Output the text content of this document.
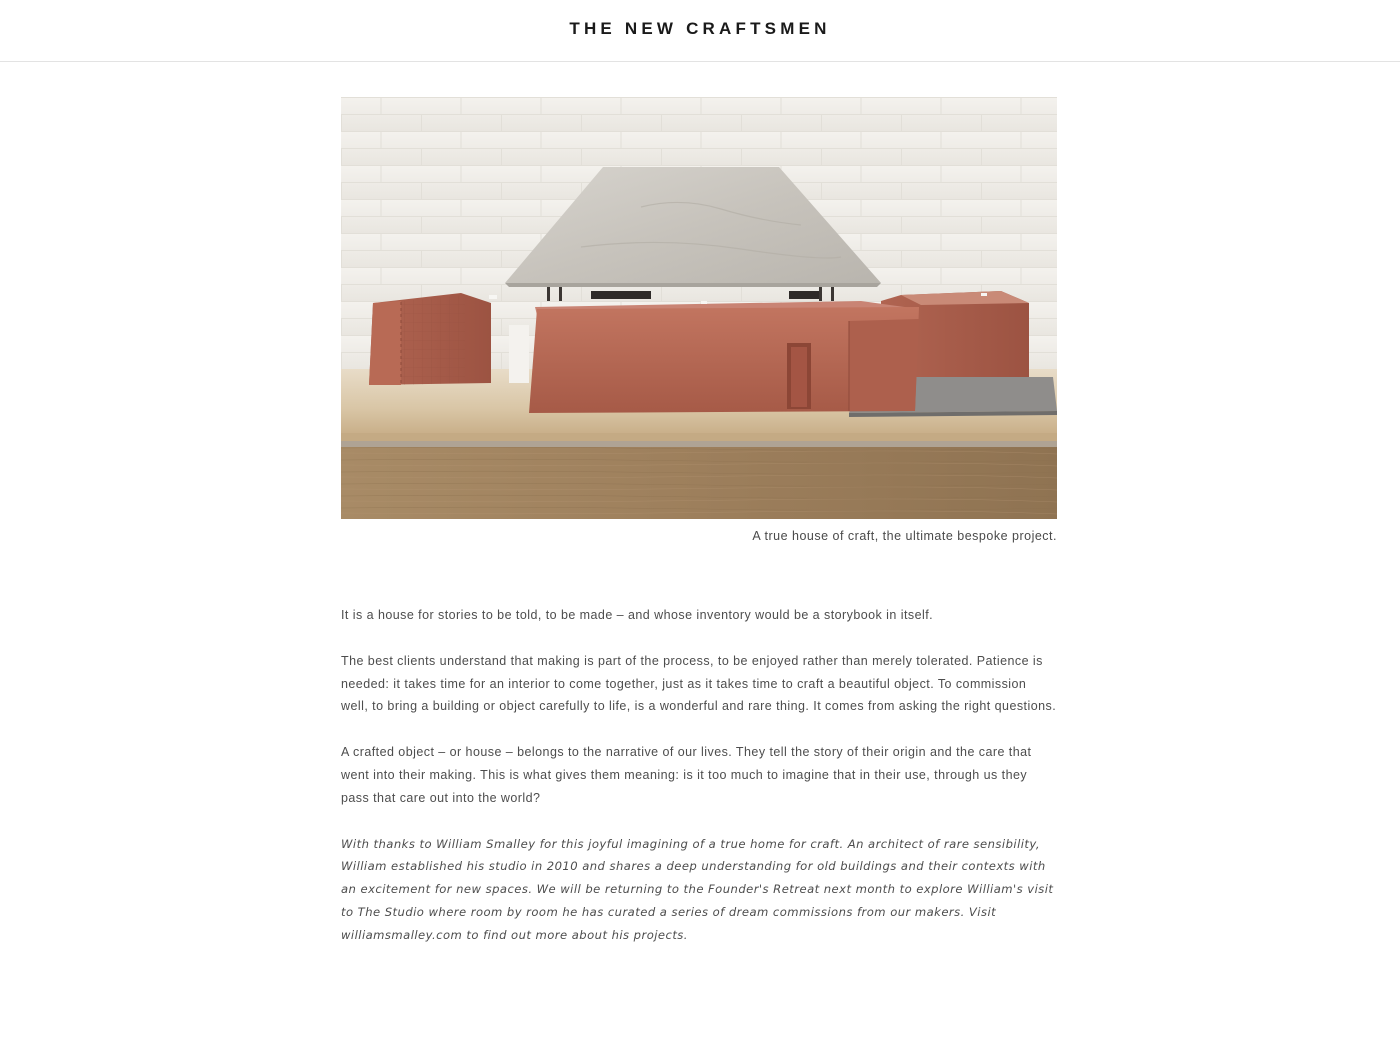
THE NEW CRAFTSMEN
A true house of craft, the ultimate bespoke project.

It is a house for stories to be told, to be made – and whose inventory would be a storybook in itself.

The best clients understand that making is part of the process, to be enjoyed rather than merely tolerated. Patience is needed: it takes time for an interior to come together, just as it takes time to craft a beautiful object. To commission well, to bring a building or object carefully to life, is a wonderful and rare thing. It comes from asking the right questions.

A crafted object – or house – belongs to the narrative of our lives. They tell the story of their origin and the care that went into their making. This is what gives them meaning: is it too much to imagine that in their use, through us they pass that care out into the world?

With thanks to William Smalley for this joyful imagining of a true home for craft. An architect of rare sensibility, William established his studio in 2010 and shares a deep understanding for old buildings and their contexts with an excitement for new spaces. We will be returning to the Founder's Retreat next month to explore William's visit to The Studio where room by room he has curated a series of dream commissions from our makers. Visit williamsmalley.com to find out more about his projects.
